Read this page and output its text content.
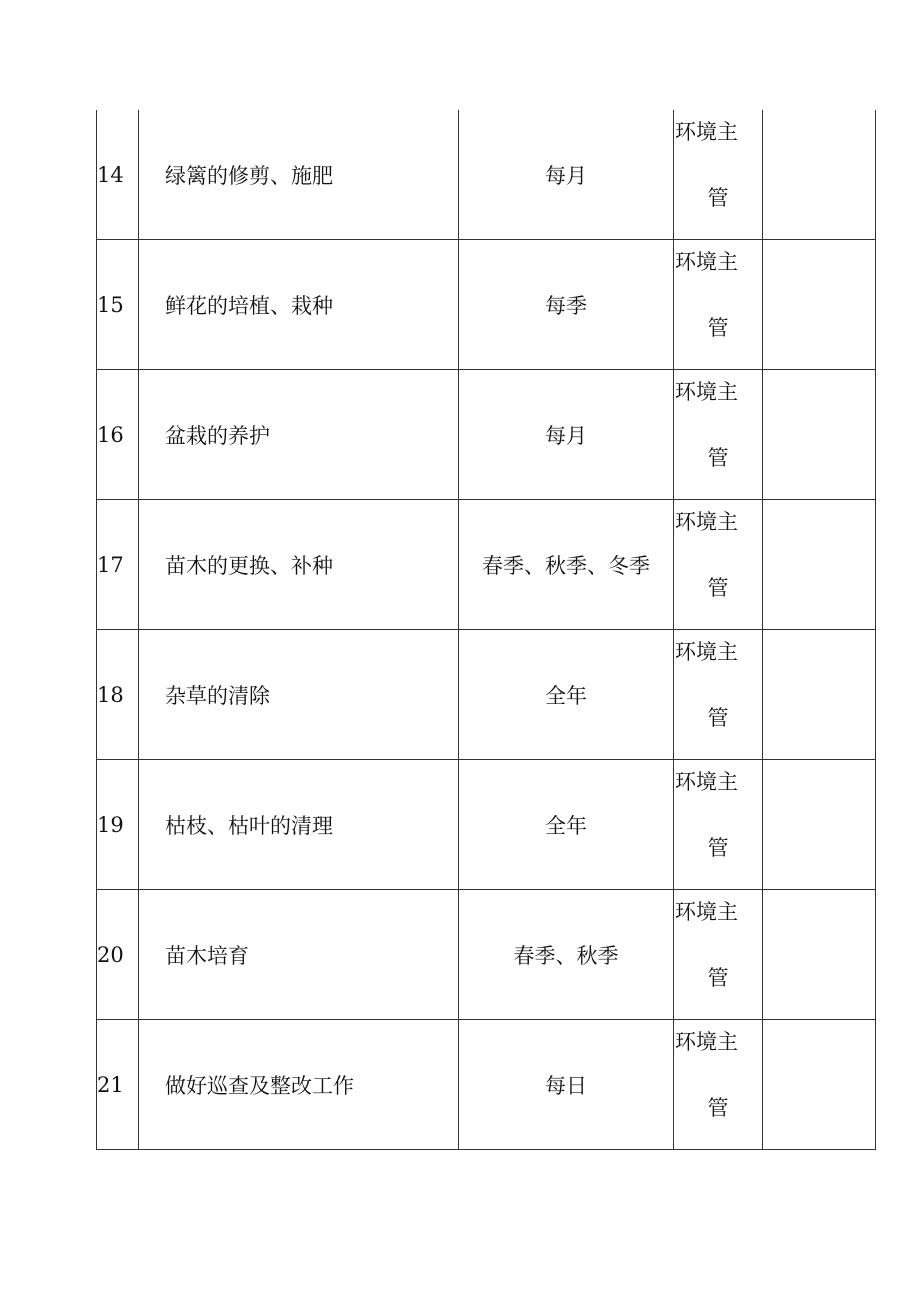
14	绿篱的修剪、施肥	每月	环境主
管	

15	鲜花的培植、栽种	每季	环境主
管	

16	盆栽的养护	每月	环境主
管	

17	苗木的更换、补种	春季、秋季、冬季	环境主
管	

18	杂草的清除	全年	环境主
管	

19	枯枝、枯叶的清理	全年	环境主
管	

20	苗木培育	春季、秋季	环境主
管	

21	做好巡查及整改工作	每日	环境主
管	
